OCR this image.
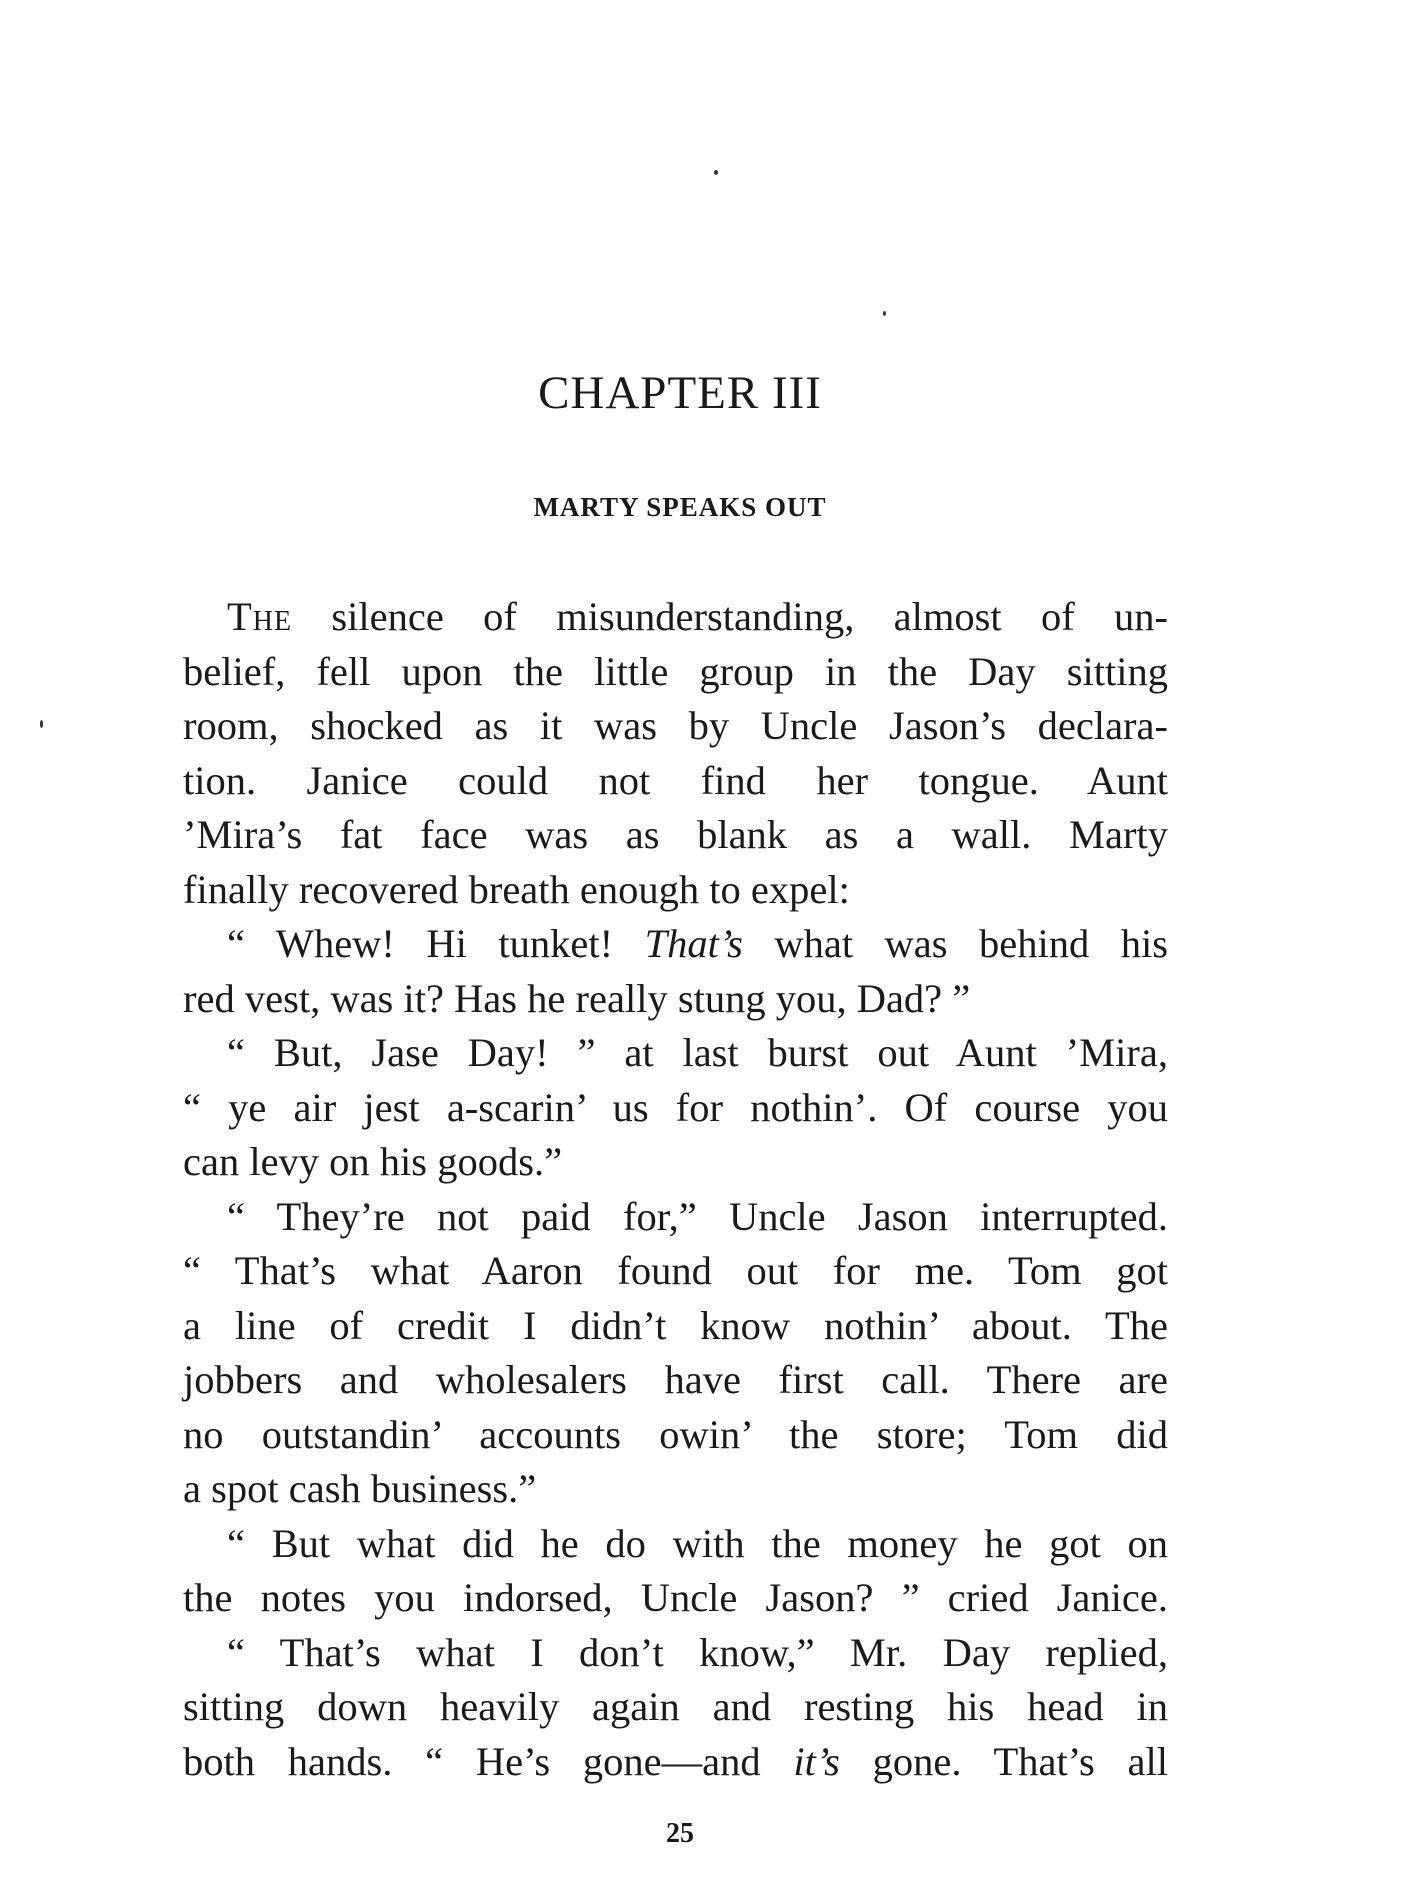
CHAPTER III
MARTY SPEAKS OUT
The silence of misunderstanding, almost of un-
belief, fell upon the little group in the Day sitting
room, shocked as it was by Uncle Jason’s declara-
tion. Janice could not find her tongue. Aunt
’Mira’s fat face was as blank as a wall. Marty
finally recovered breath enough to expel:
“ Whew! Hi tunket! That’s what was behind his
red vest, was it? Has he really stung you, Dad? ”
“ But, Jase Day! ” at last burst out Aunt ’Mira,
“ ye air jest a-scarin’ us for nothin’. Of course you
can levy on his goods.”
“ They’re not paid for,” Uncle Jason interrupted.
“ That’s what Aaron found out for me. Tom got
a line of credit I didn’t know nothin’ about. The
jobbers and wholesalers have first call. There are
no outstandin’ accounts owin’ the store; Tom did
a spot cash business.”
“ But what did he do with the money he got on
the notes you indorsed, Uncle Jason? ” cried Janice.
“ That’s what I don’t know,” Mr. Day replied,
sitting down heavily again and resting his head in
both hands. “ He’s gone—and it’s gone. That’s all
25
